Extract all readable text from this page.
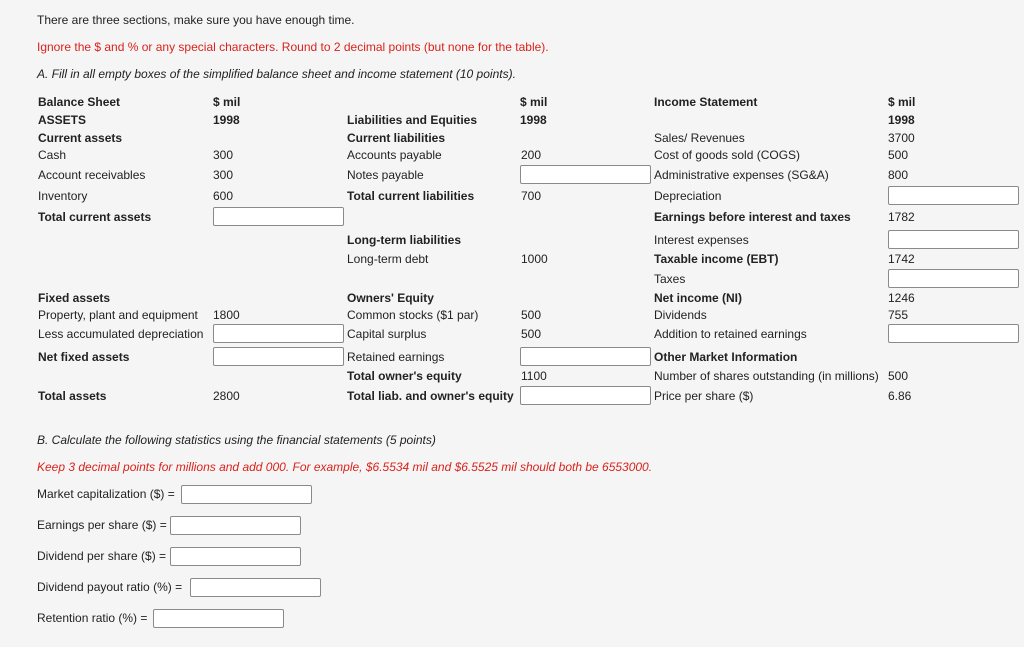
There are three sections, make sure you have enough time.
Ignore the $ and % or any special characters. Round to 2 decimal points (but none for the table).
A. Fill in all empty boxes of the simplified balance sheet and income statement (10 points).
Balance Sheet	$ mil
ASSETS	1998
Current assets
Cash	300
Account receivables	300
Inventory	600
Total current assets
Fixed assets
Property, plant and equipment 1800
Less accumulated depreciation
Net fixed assets
Total assets	2800
$ mil
Liabilities and Equities	1998
Current liabilities
Accounts payable	200
Notes payable
Total current liabilities	700
Long-term liabilities
Long-term debt	1000
Owners' Equity
Common stocks ($1 par)	500
Capital surplus	500
Retained earnings
Total owner's equity	1100
Total liab. and owner's equity
Income Statement	$ mil
1998
Sales/ Revenues	3700
Cost of goods sold (COGS)	500
Administrative expenses (SG&A)	800
Depreciation
Earnings before interest and taxes	1782
Interest expenses
Taxable income (EBT)	1742
Taxes
Net income (NI)	1246
Dividends	755
Addition to retained earnings
Other Market Information
Number of shares outstanding (in millions) 500
Price per share ($)	6.86
B. Calculate the following statistics using the financial statements (5 points)
Keep 3 decimal points for millions and add 000. For example, $6.5534 mil and $6.5525 mil should both be 6553000.
Market capitalization ($) =
Earnings per share ($) =
Dividend per share ($) =
Dividend payout ratio (%) =
Retention ratio (%) =
